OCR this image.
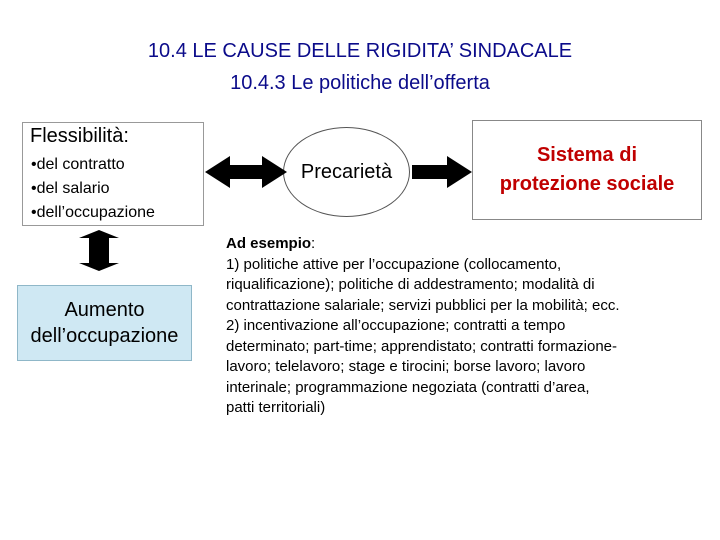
10.4 LE CAUSE DELLE RIGIDITA’ SINDACALE
10.4.3 Le politiche dell’offerta
Flessibilità:
• del contratto
• del salario
• dell’occupazione
Aumento
dell’occupazione
Precarietà
Sistema di
protezione sociale
Ad esempio:
1) politiche attive per l’occupazione (collocamento,
riqualificazione); politiche di addestramento; modalità di
contrattazione salariale; servizi pubblici per la mobilità; ecc.
2) incentivazione all’occupazione; contratti a tempo
determinato; part-time; apprendistato; contratti formazione-
lavoro; telelavoro; stage e tirocini; borse lavoro; lavoro
interinale; programmazione negoziata (contratti d’area,
patti territoriali)
